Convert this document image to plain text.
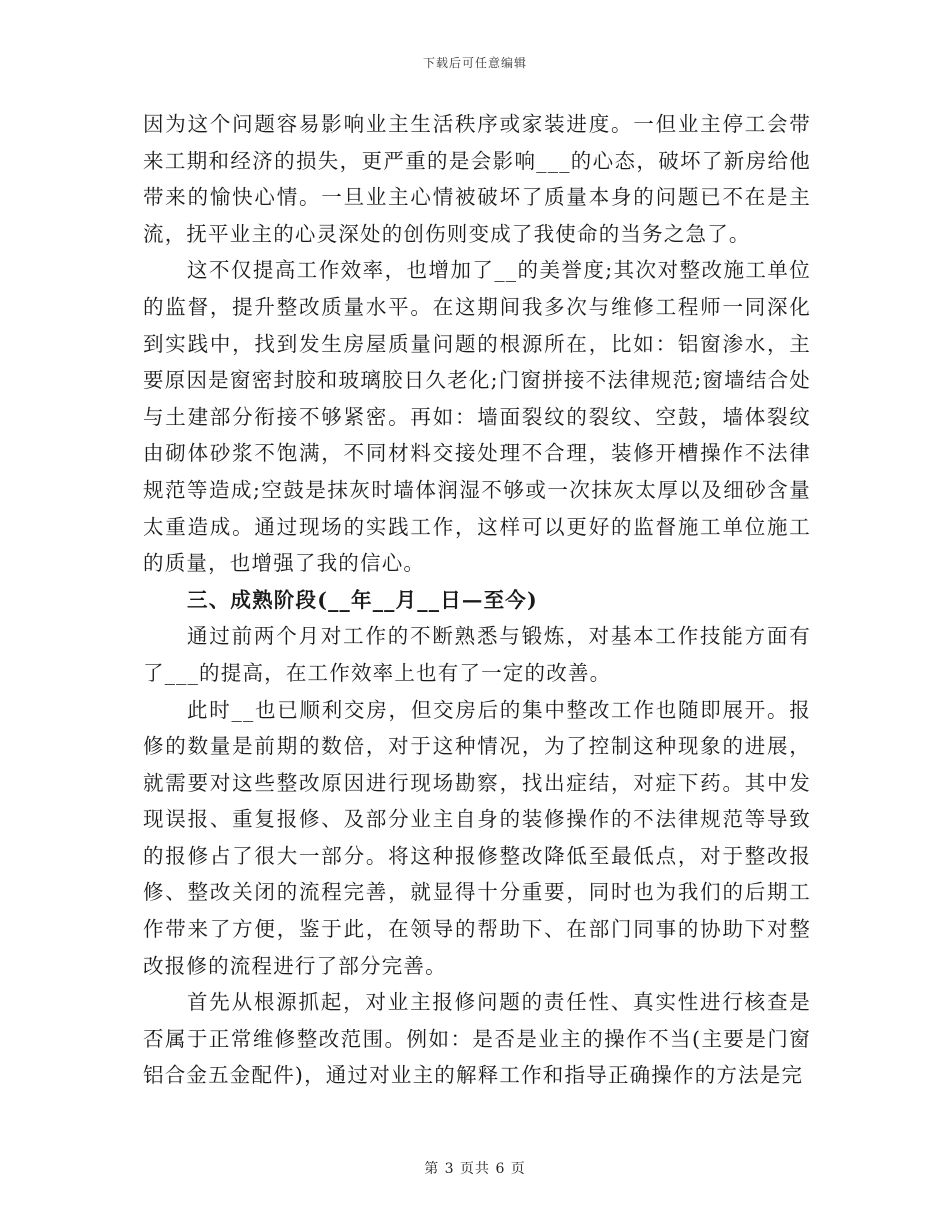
下载后可任意编辑

因为这个问题容易影响业主生活秩序或家装进度。一但业主停工会带来工期和经济的损失，更严重的是会影响___的心态，破坏了新房给他带来的愉快心情。一旦业主心情被破坏了质量本身的问题已不在是主流，抚平业主的心灵深处的创伤则变成了我使命的当务之急了。

这不仅提高工作效率，也增加了__的美誉度;其次对整改施工单位的监督，提升整改质量水平。在这期间我多次与维修工程师一同深化到实践中，找到发生房屋质量问题的根源所在，比如：铝窗渗水，主要原因是窗密封胶和玻璃胶日久老化;门窗拼接不法律规范;窗墙结合处与土建部分衔接不够紧密。再如：墙面裂纹的裂纹、空鼓，墙体裂纹由砌体砂浆不饱满，不同材料交接处理不合理，装修开槽操作不法律规范等造成;空鼓是抹灰时墙体润湿不够或一次抹灰太厚以及细砂含量太重造成。通过现场的实践工作，这样可以更好的监督施工单位施工的质量，也增强了我的信心。

三、成熟阶段(__年__月__日—至今)

通过前两个月对工作的不断熟悉与锻炼，对基本工作技能方面有了___的提高，在工作效率上也有了一定的改善。

此时__也已顺利交房，但交房后的集中整改工作也随即展开。报修的数量是前期的数倍，对于这种情况，为了控制这种现象的进展，就需要对这些整改原因进行现场勘察，找出症结，对症下药。其中发现误报、重复报修、及部分业主自身的装修操作的不法律规范等导致的报修占了很大一部分。将这种报修整改降低至最低点，对于整改报修、整改关闭的流程完善，就显得十分重要，同时也为我们的后期工作带来了方便，鉴于此，在领导的帮助下、在部门同事的协助下对整改报修的流程进行了部分完善。

首先从根源抓起，对业主报修问题的责任性、真实性进行核查是否属于正常维修整改范围。例如：是否是业主的操作不当(主要是门窗铝合金五金配件)，通过对业主的解释工作和指导正确操作的方法是完

第 3 页共 6 页
